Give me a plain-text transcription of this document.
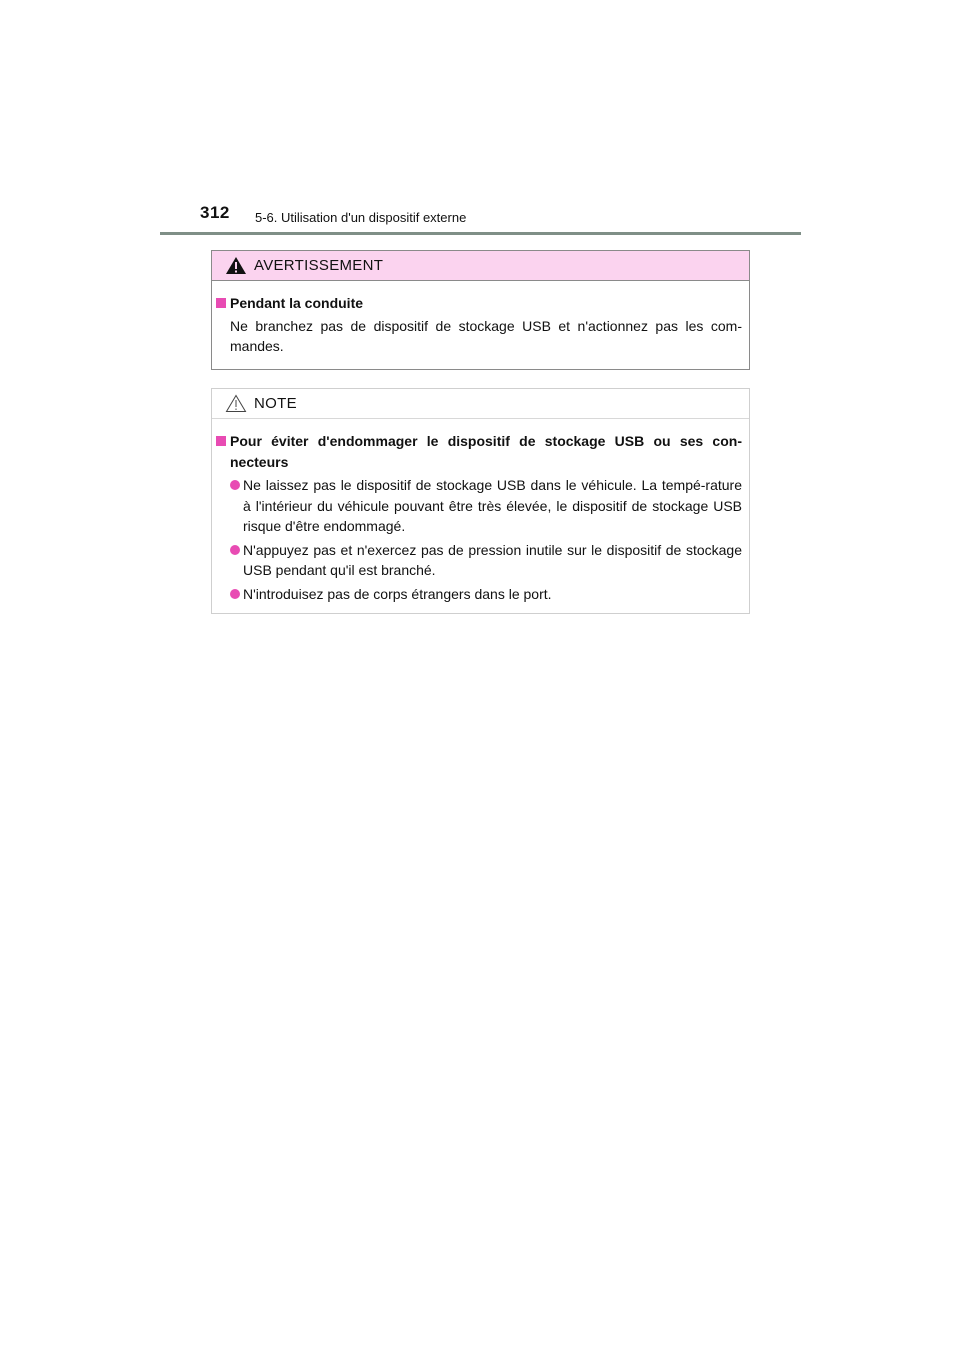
312 5-6. Utilisation d'un dispositif externe
AVERTISSEMENT
Pendant la conduite
Ne branchez pas de dispositif de stockage USB et n'actionnez pas les com-mandes.
NOTE
Pour éviter d'endommager le dispositif de stockage USB ou ses con-necteurs
Ne laissez pas le dispositif de stockage USB dans le véhicule. La tempé-rature à l'intérieur du véhicule pouvant être très élevée, le dispositif de stockage USB risque d'être endommagé.
N'appuyez pas et n'exercez pas de pression inutile sur le dispositif de stockage USB pendant qu'il est branché.
N'introduisez pas de corps étrangers dans le port.
